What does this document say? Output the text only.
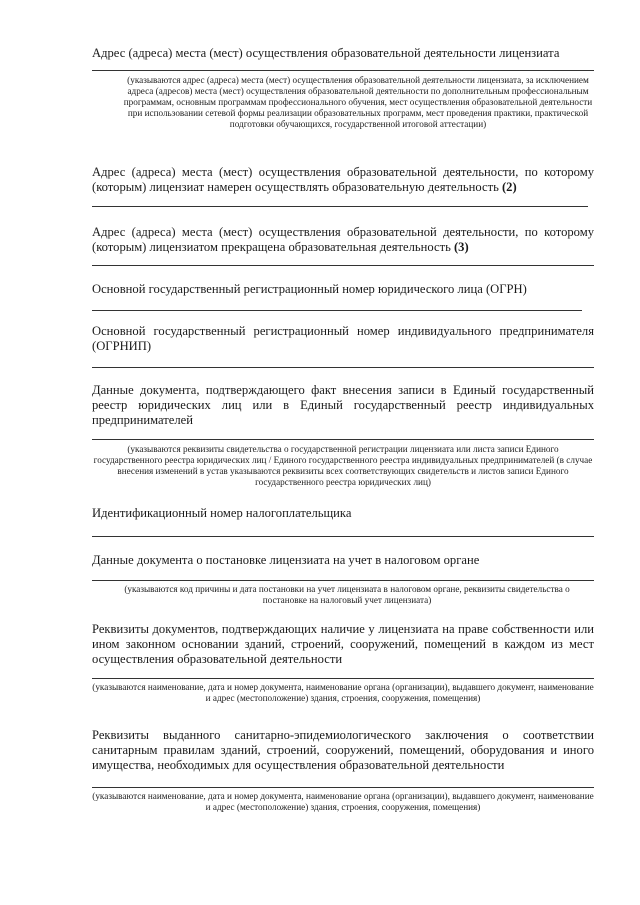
Адрес (адреса) места (мест) осуществления образовательной деятельности лицензиата
(указываются адрес (адреса) места (мест) осуществления образовательной деятельности лицензиата, за исключением адреса (адресов) места (мест) осуществления образовательной деятельности по дополнительным профессиональным программам, основным программам профессионального обучения, мест осуществления образовательной деятельности при использовании сетевой формы реализации образовательных программ, мест проведения практики, практической подготовки обучающихся, государственной итоговой аттестации)
Адрес (адреса) места (мест) осуществления образовательной деятельности, по которому (которым) лицензиат намерен осуществлять образовательную деятельность (2)
Адрес (адреса) места (мест) осуществления образовательной деятельности, по которому (которым) лицензиатом прекращена образовательная деятельность (3)
Основной государственный регистрационный номер юридического лица (ОГРН)
Основной государственный регистрационный номер индивидуального предпринимателя (ОГРНИП)
Данные документа, подтверждающего факт внесения записи в Единый государственный реестр юридических лиц или в Единый государственный реестр индивидуальных предпринимателей
(указываются реквизиты свидетельства о государственной регистрации лицензиата или листа записи Единого государственного реестра юридических лиц / Единого государственного реестра индивидуальных предпринимателей (в случае внесения изменений в устав указываются реквизиты всех соответствующих свидетельств и листов записи Единого государственного реестра юридических лиц)
Идентификационный номер налогоплательщика
Данные документа о постановке лицензиата на учет в налоговом органе
(указываются код причины и дата постановки на учет лицензиата в налоговом органе, реквизиты свидетельства о постановке на налоговый учет лицензиата)
Реквизиты документов, подтверждающих наличие у лицензиата на праве собственности или ином законном основании зданий, строений, сооружений, помещений в каждом из мест осуществления образовательной деятельности
(указываются наименование, дата и номер документа, наименование органа (организации), выдавшего документ, наименование и адрес (местоположение) здания, строения, сооружения, помещения)
Реквизиты выданного санитарно-эпидемиологического заключения о соответствии санитарным правилам зданий, строений, сооружений, помещений, оборудования и иного имущества, необходимых для осуществления образовательной деятельности
(указываются наименование, дата и номер документа, наименование органа (организации), выдавшего документ, наименование и адрес (местоположение) здания, строения, сооружения, помещения)
